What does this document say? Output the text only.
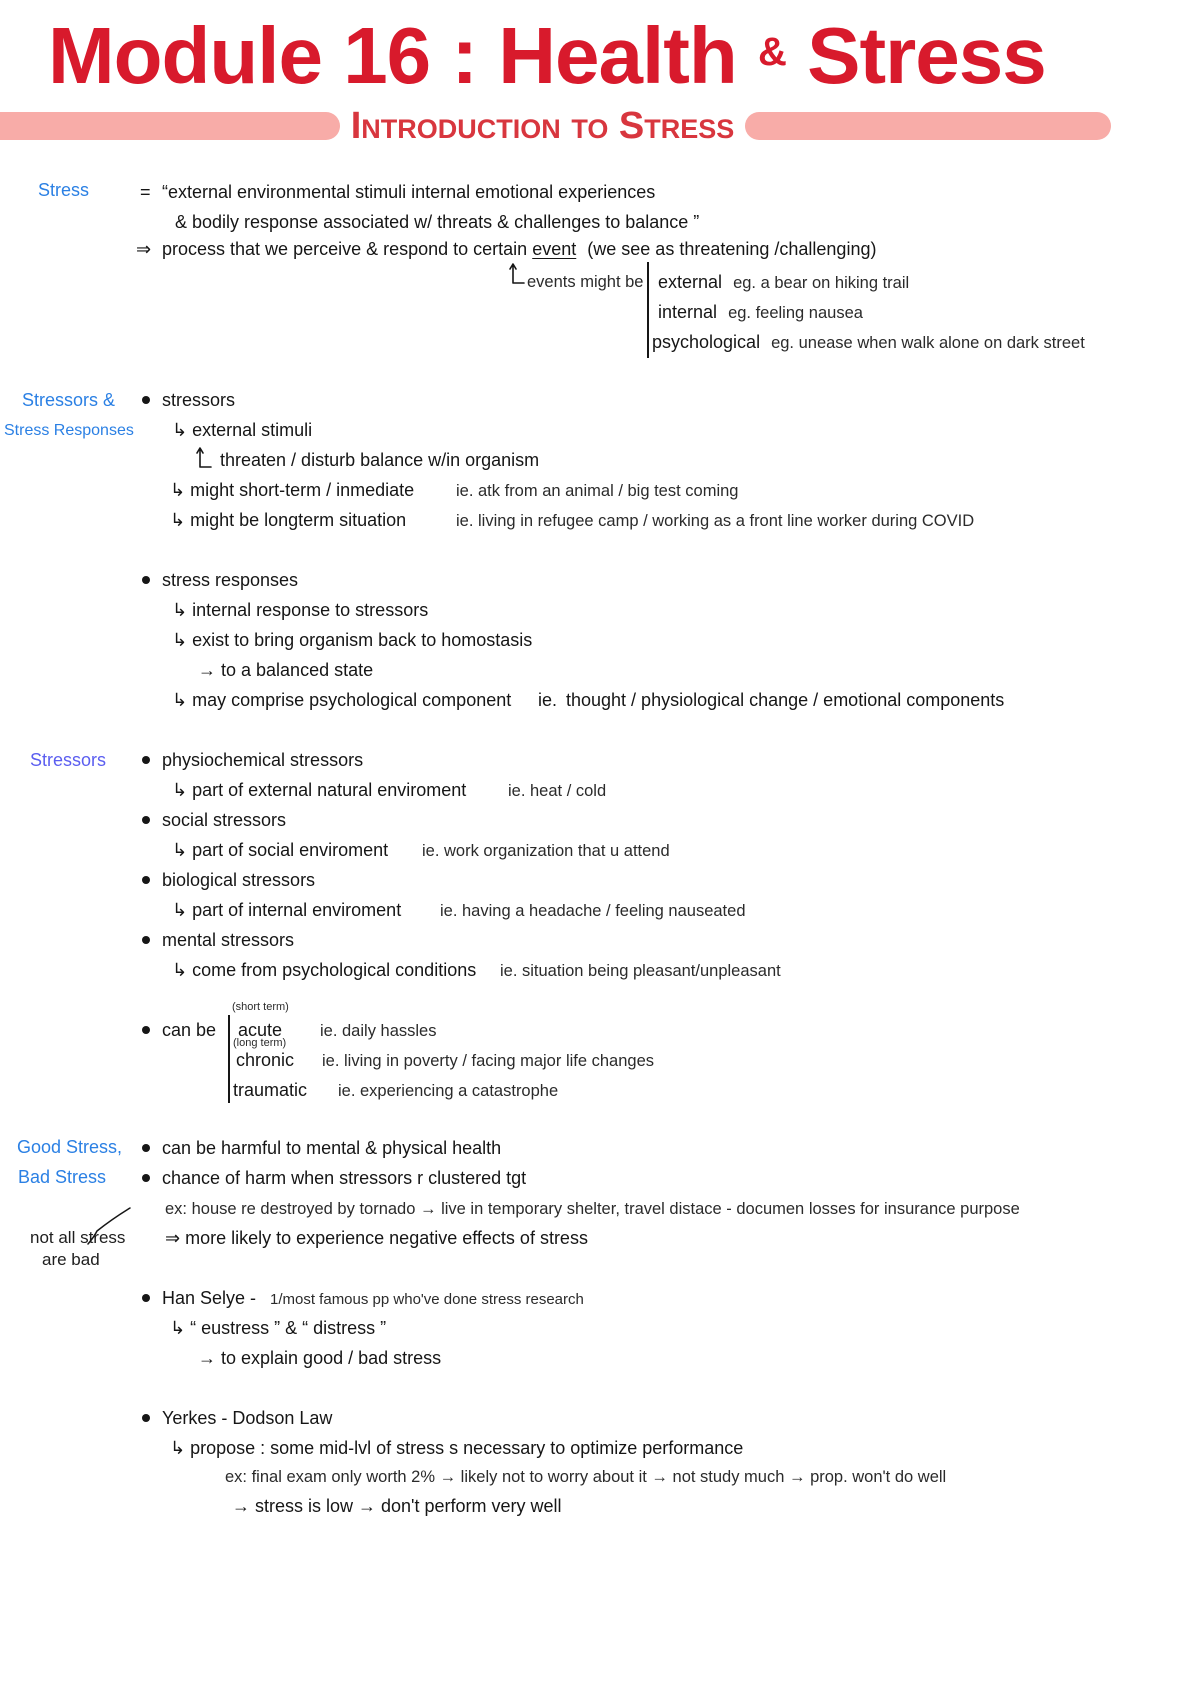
Module 16 : Health & Stress
Introduction to Stress
Stress	= “external environmental stimuli internal emotional experiences
& bodily response associated w/ threats & challenges to balance ”
⇒ process that we perceive & respond to certain event (we see as threatening /challenging)
events might be external eg. a bear on hiking trail
internal eg. feeling nausea
psychological eg. unease when walk alone on dark street
Stressors &
Stress Responses
stressors
↳ external stimuli
threaten / disturb balance w/in organism
↳ might short-term / inmediate	ie. atk from an animal / big test coming
↳ might be longterm situation	ie. living in refugee camp / working as a front line worker during COVID
stress responses
↳ internal response to stressors
↳ exist to bring organism back to homostasis
→ to a balanced state
↳ may comprise psychological component ie. thought / physiological change / emotional components
Stressors	physiochemical stressors
↳ part of external natural enviroment	ie. heat / cold
social stressors
↳ part of social enviroment ie. work organization that u attend
biological stressors
↳ part of internal enviroment ie. having a headache / feeling nauseated
mental stressors
↳ come from psychological conditions ie. situation being pleasant/unpleasant
can be
(short term)
acute ie. daily hassles
(long term)
chronic ie. living in poverty / facing major life changes
traumatic ie. experiencing a catastrophe
Good Stress,
Bad Stress
not all stress
are bad
can be harmful to mental & physical health
chance of harm when stressors r clustered tgt
ex: house re destroyed by tornado → live in temporary shelter, travel distace - documen losses for insurance purpose
⇒ more likely to experience negative effects of stress
Han Selye - 1/most famous pp who've done stress research
↳ “ eustress ” & “ distress ”
→ to explain good / bad stress
Yerkes - Dodson Law
↳ propose : some mid-lvl of stress s necessary to optimize performance
ex: final exam only worth 2% → likely not to worry about it → not study much → prop. won't do well
→ stress is low → don't perform very well
